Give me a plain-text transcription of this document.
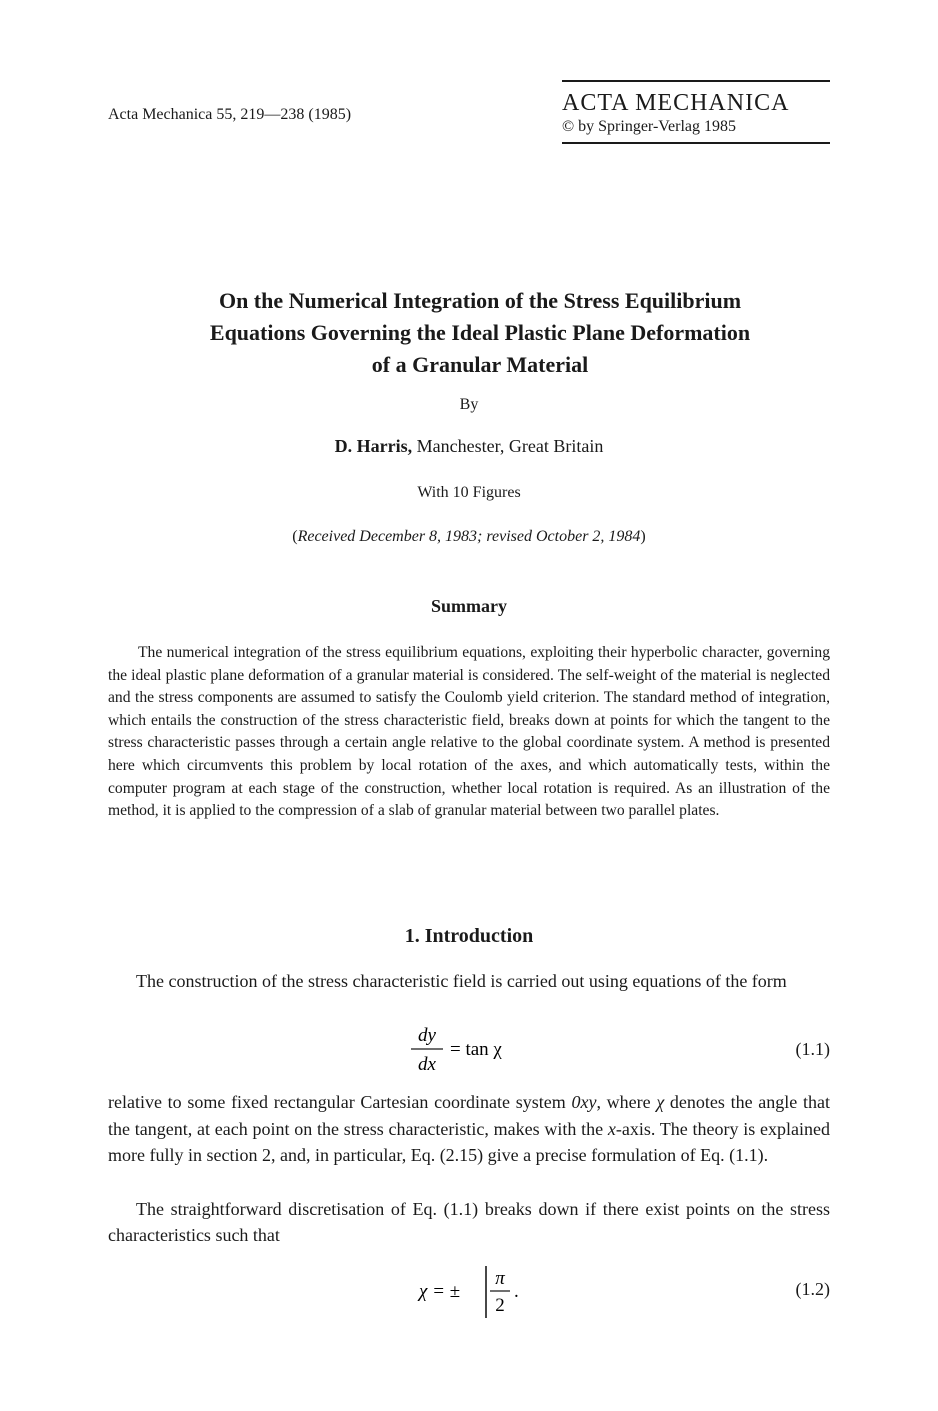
Acta Mechanica 55, 219—238 (1985)	ACTA MECHANICA
© by Springer-Verlag 1985
On the Numerical Integration of the Stress Equilibrium
Equations Governing the Ideal Plastic Plane Deformation
of a Granular Material
By
D. Harris, Manchester, Great Britain
With 10 Figures
(Received December 8, 1983; revised October 2, 1984)
Summary
The numerical integration of the stress equilibrium equations, exploiting their hyperbolic character, governing the ideal plastic plane deformation of a granular material is considered. The self-weight of the material is neglected and the stress components are assumed to satisfy the Coulomb yield criterion. The standard method of integration, which entails the construction of the stress characteristic field, breaks down at points for which the tangent to the stress characteristic passes through a certain angle relative to the global coordinate system. A method is presented here which circumvents this problem by local rotation of the axes, and which automatically tests, within the computer program at each stage of the construction, whether local rotation is required. As an illustration of the method, it is applied to the compression of a slab of granular material between two parallel plates.
1. Introduction
The construction of the stress characteristic field is carried out using equations of the form
dy
dx
= tan χ	(1.1)
relative to some fixed rectangular Cartesian coordinate system 0xy, where χ denotes the angle that the tangent, at each point on the stress characteristic, makes with the x-axis. The theory is explained more fully in section 2, and, in particular, Eq. (2.15) give a precise formulation of Eq. (1.1).
The straightforward discretisation of Eq. (1.1) breaks down if there exist points on the stress characteristics such that
χ = ±
π
2
.	(1.2)
